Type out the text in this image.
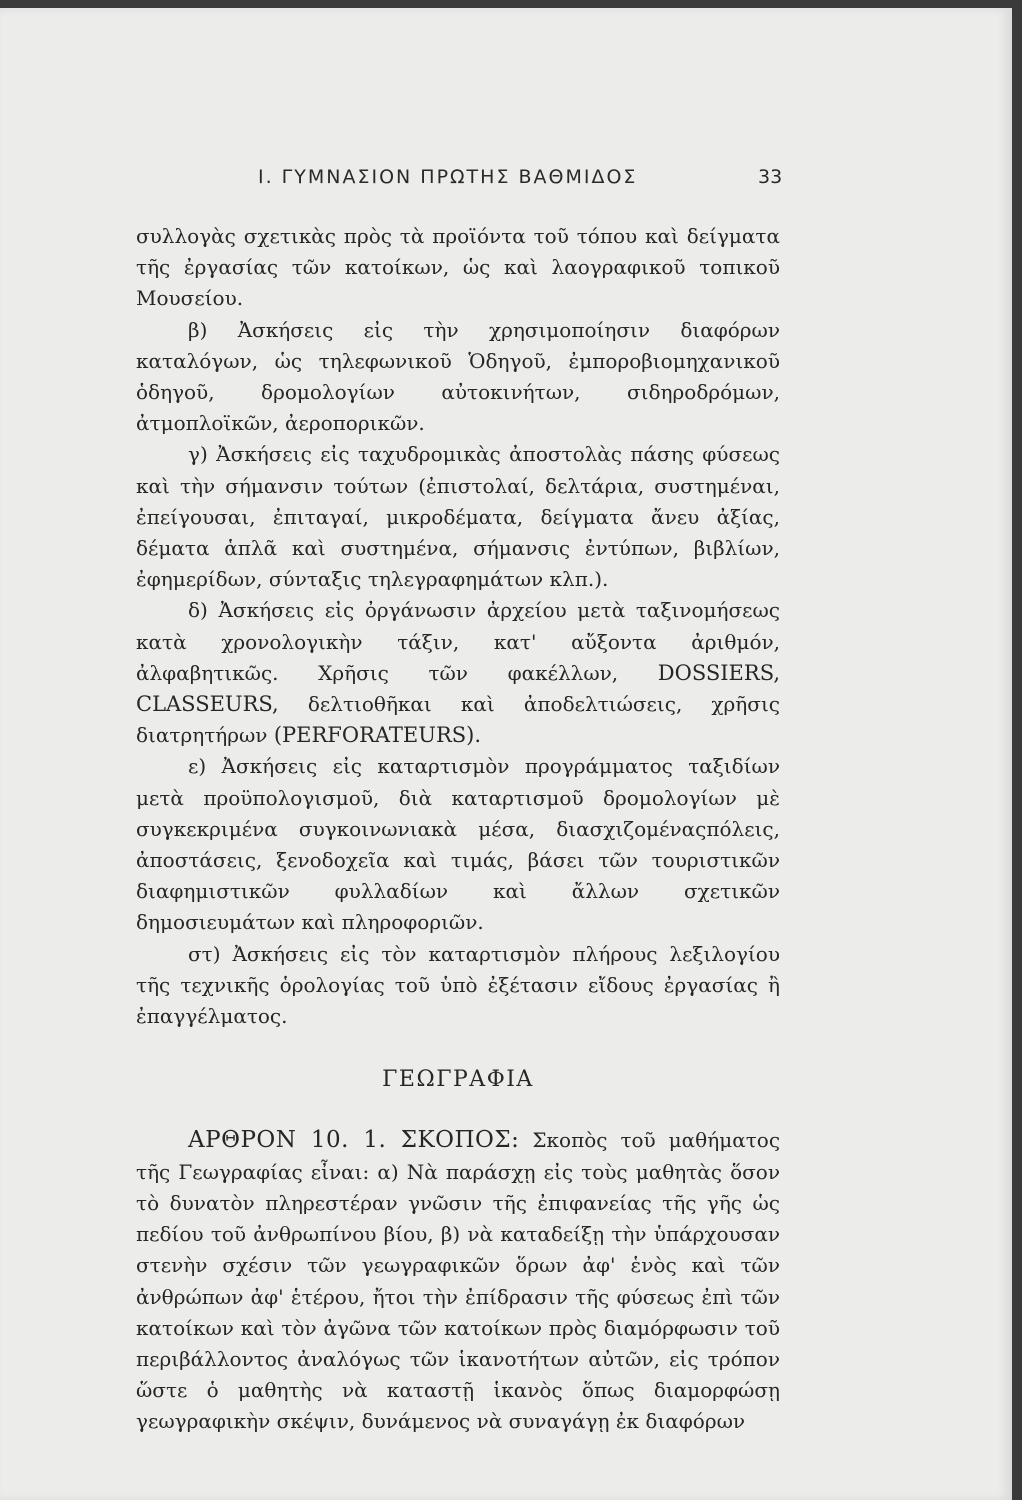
Ι. ΓΥΜΝΑΣΙΟΝ ΠΡΩΤΗΣ ΒΑΘΜΙΔΟΣ	33

συλλογὰς σχετικὰς πρὸς τὰ προϊόντα τοῦ τόπου καὶ δείγματα τῆς ἐργασίας τῶν κατοίκων, ὡς καὶ λαογραφικοῦ τοπικοῦ Μουσείου.

β) Ἀσκήσεις εἰς τὴν χρησιμοποίησιν διαφόρων καταλόγων, ὡς τηλεφωνικοῦ Ὁδηγοῦ, ἐμποροβιομηχανικοῦ ὁδηγοῦ, δρομολογίων αὐτοκινήτων, σιδηροδρόμων, ἀτμοπλοϊκῶν, ἀεροπορικῶν.

γ) Ἀσκήσεις εἰς ταχυδρομικὰς ἀποστολὰς πάσης φύσεως καὶ τὴν σήμανσιν τούτων (ἐπιστολαί, δελτάρια, συστημέναι, ἐπείγουσαι, ἐπιταγαί, μικροδέματα, δείγματα ἄνευ ἀξίας, δέματα ἁπλᾶ καὶ συστημένα, σήμανσις ἐντύπων, βιβλίων, ἐφημερίδων, σύνταξις τηλεγραφημάτων κλπ.).

δ) Ἀσκήσεις εἰς ὀργάνωσιν ἀρχείου μετὰ ταξινομήσεως κατὰ χρονολογικὴν τάξιν, κατ' αὔξοντα ἀριθμόν, ἀλφαβητικῶς. Χρῆσις τῶν φακέλλων, DOSSIERS, CLASSEURS, δελτιοθῆκαι καὶ ἀποδελτιώσεις, χρῆσις διατρητήρων (PERFORATEURS).

ε) Ἀσκήσεις εἰς καταρτισμὸν προγράμματος ταξιδίων μετὰ προϋπολογισμοῦ, διὰ καταρτισμοῦ δρομολογίων μὲ συγκεκριμένα συγκοινωνιακὰ μέσα, διασχιζομέναςπόλεις, ἀποστάσεις, ξενοδοχεῖα καὶ τιμάς, βάσει τῶν τουριστικῶν διαφημιστικῶν φυλλαδίων καὶ ἄλλων σχετικῶν δημοσιευμάτων καὶ πληροφοριῶν.

στ) Ἀσκήσεις εἰς τὸν καταρτισμὸν πλήρους λεξιλογίου τῆς τεχνικῆς ὁρολογίας τοῦ ὑπὸ ἐξέτασιν εἴδους ἐργασίας ἢ ἐπαγγέλματος.

ΓΕΩΓΡΑΦΙΑ

ΑΡΘΡΟΝ 10. 1. ΣΚΟΠΟΣ: Σκοπὸς τοῦ μαθήματος τῆς Γεωγραφίας εἶναι: α) Νὰ παράσχῃ εἰς τοὺς μαθητὰς ὅσον τὸ δυνατὸν πληρεστέραν γνῶσιν τῆς ἐπιφανείας τῆς γῆς ὡς πεδίου τοῦ ἀνθρωπίνου βίου, β) νὰ καταδείξῃ τὴν ὑπάρχουσαν στενὴν σχέσιν τῶν γεωγραφικῶν ὅρων ἀφ' ἑνὸς καὶ τῶν ἀνθρώπων ἀφ' ἑτέρου, ἤτοι τὴν ἐπίδρασιν τῆς φύσεως ἐπὶ τῶν κατοίκων καὶ τὸν ἀγῶνα τῶν κατοίκων πρὸς διαμόρφωσιν τοῦ περιβάλλοντος ἀναλόγως τῶν ἱκανοτήτων αὐτῶν, εἰς τρόπον ὥστε ὁ μαθητὴς νὰ καταστῇ ἱκανὸς ὅπως διαμορφώσῃ γεωγραφικὴν σκέψιν, δυνάμενος νὰ συναγάγῃ ἐκ διαφόρων
